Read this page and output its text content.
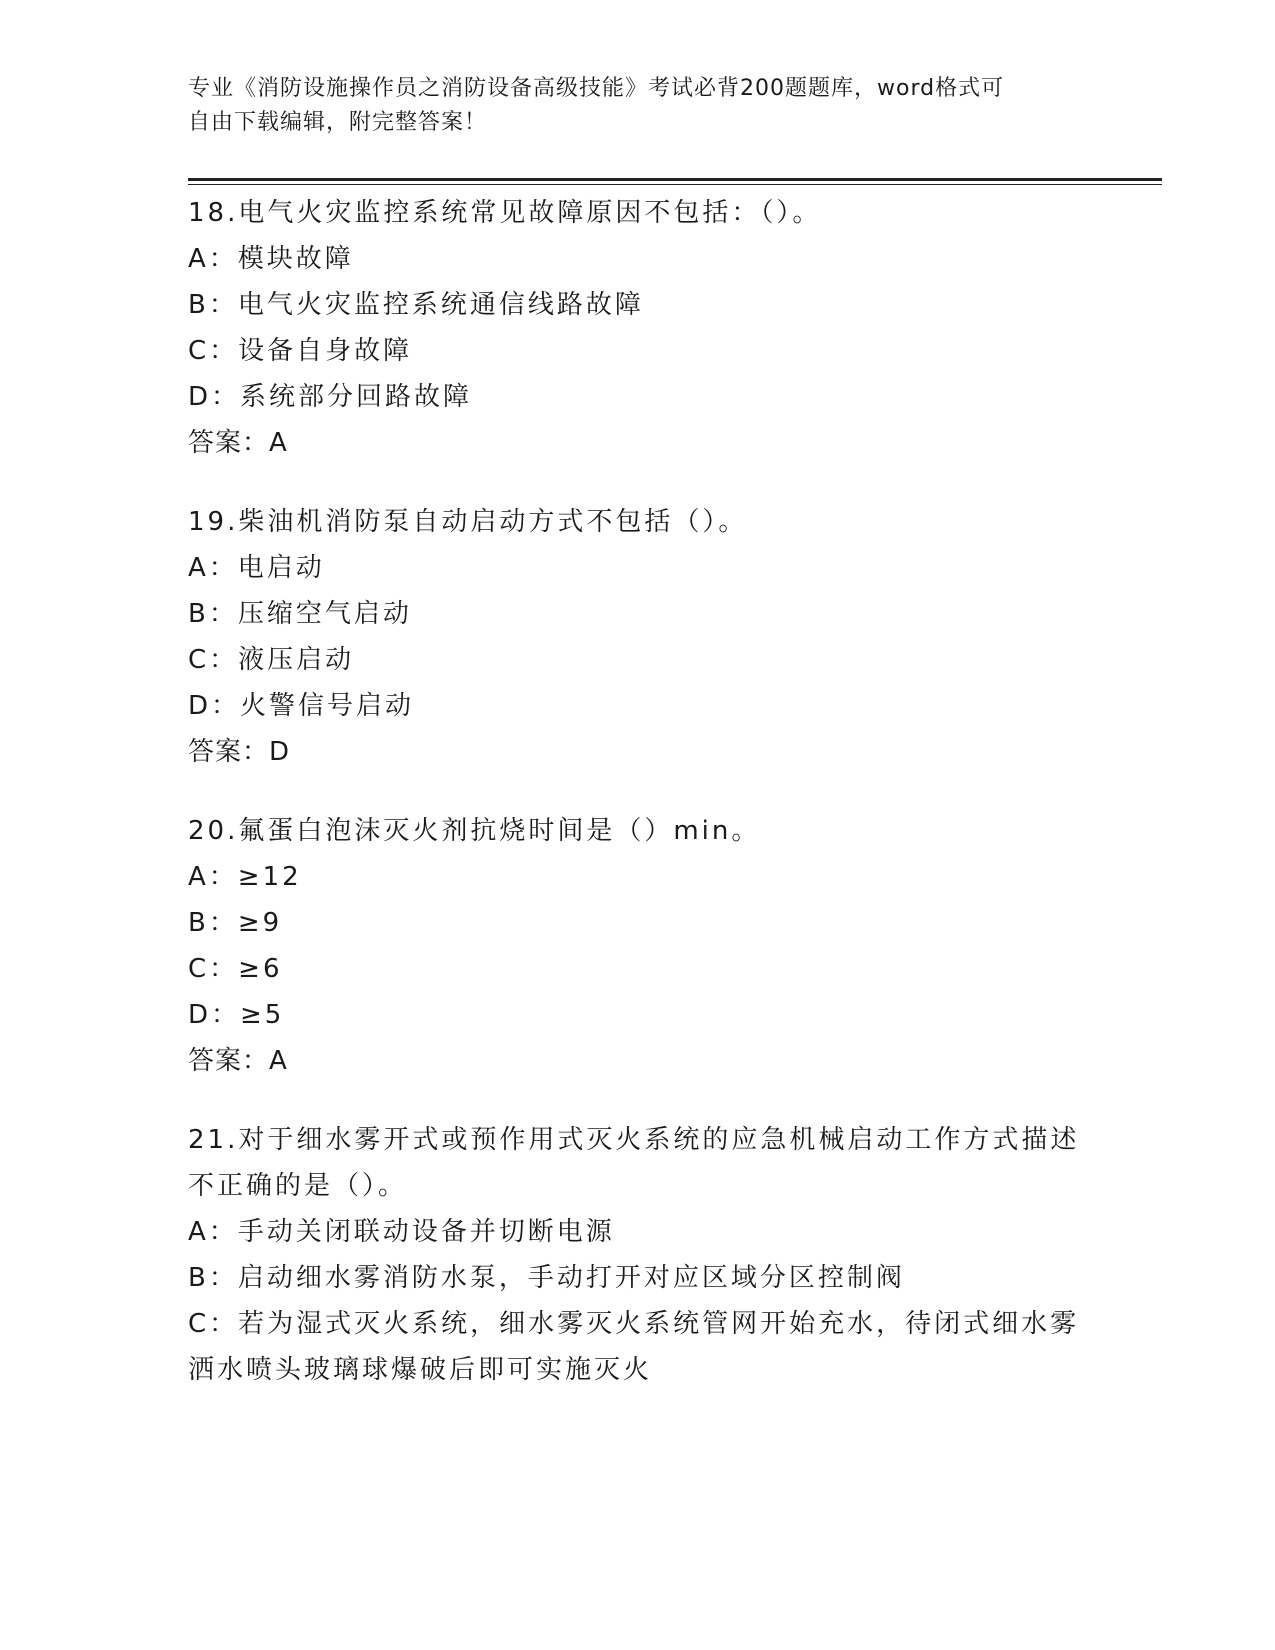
专业《消防设施操作员之消防设备高级技能》考试必背200题题库，word格式可
自由下载编辑，附完整答案！
18.电气火灾监控系统常见故障原因不包括：（）。
A：模块故障
B：电气火灾监控系统通信线路故障
C：设备自身故障
D：系统部分回路故障
答案：A
19.柴油机消防泵自动启动方式不包括（）。
A：电启动
B：压缩空气启动
C：液压启动
D：火警信号启动
答案：D
20.氟蛋白泡沫灭火剂抗烧时间是（）min。
A：≥12
B：≥9
C：≥6
D：≥5
答案：A
21.对于细水雾开式或预作用式灭火系统的应急机械启动工作方式描述
不正确的是（）。
A：手动关闭联动设备并切断电源
B：启动细水雾消防水泵，手动打开对应区域分区控制阀
C：若为湿式灭火系统，细水雾灭火系统管网开始充水，待闭式细水雾
洒水喷头玻璃球爆破后即可实施灭火
